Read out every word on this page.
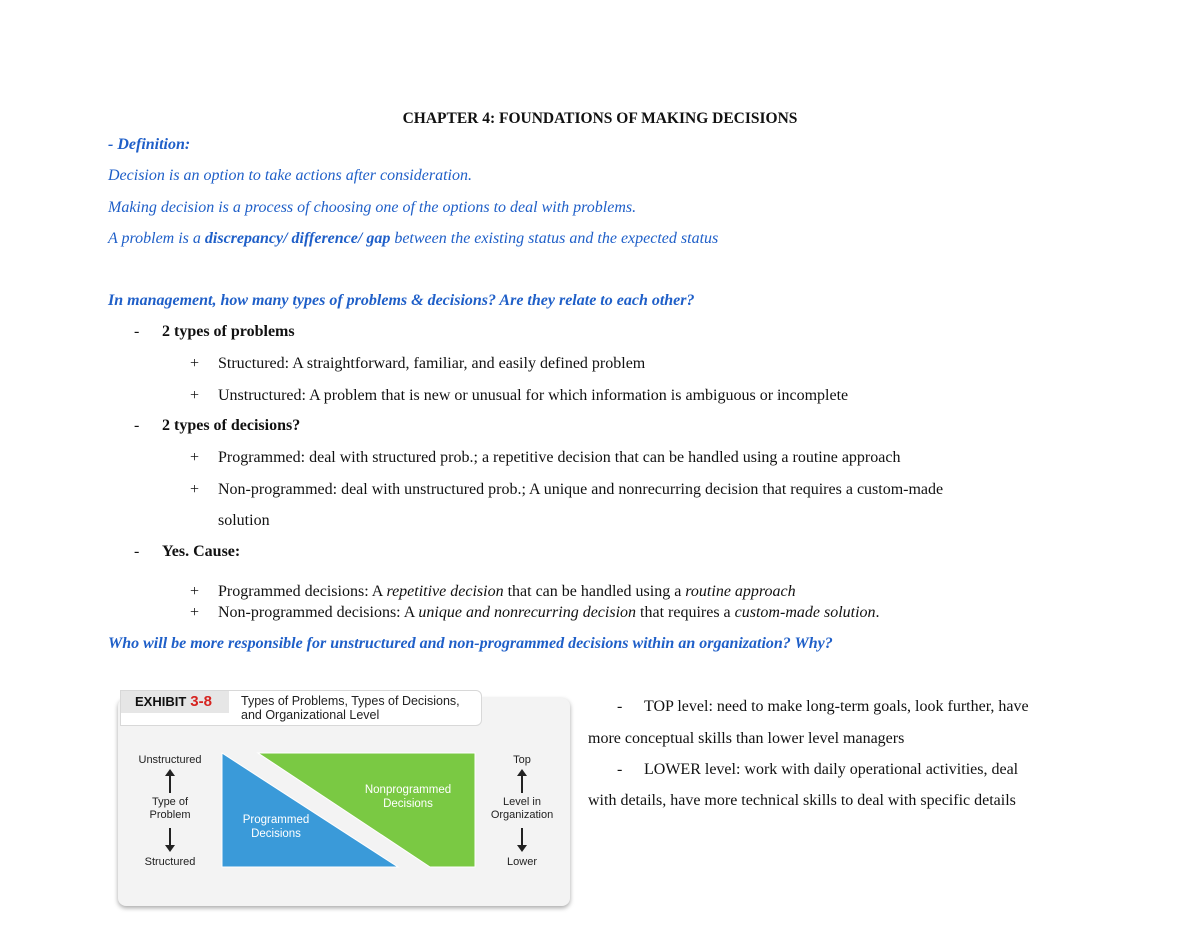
CHAPTER 4: FOUNDATIONS OF MAKING DECISIONS
- Definition:
Decision is an option to take actions after consideration.
Making decision is a process of choosing one of the options to deal with problems.
A problem is a discrepancy/ difference/ gap between the existing status and the expected status
In management, how many types of problems & decisions? Are they relate to each other?
- 2 types of problems
+ Structured: A straightforward, familiar, and easily defined problem
+ Unstructured: A problem that is new or unusual for which information is ambiguous or incomplete
- 2 types of decisions?
+ Programmed: deal with structured prob.; a repetitive decision that can be handled using a routine approach
+ Non-programmed: deal with unstructured prob.; A unique and nonrecurring decision that requires a custom-made
solution
- Yes. Cause:
+ Programmed decisions: A repetitive decision that can be handled using a routine approach
+ Non-programmed decisions: A unique and nonrecurring decision that requires a custom-made solution.
Who will be more responsible for unstructured and non-programmed decisions within an organization? Why?
EXHIBIT 3-8	Types of Problems, Types of Decisions, and Organizational Level
Programmed
Decisions
Nonprogrammed
Decisions
Unstructured
Type of Problem
Structured
Top
Level in Organization
Lower
- TOP level: need to make long-term goals, look further, have
more conceptual skills than lower level managers
- LOWER level: work with daily operational activities, deal
with details, have more technical skills to deal with specific details
